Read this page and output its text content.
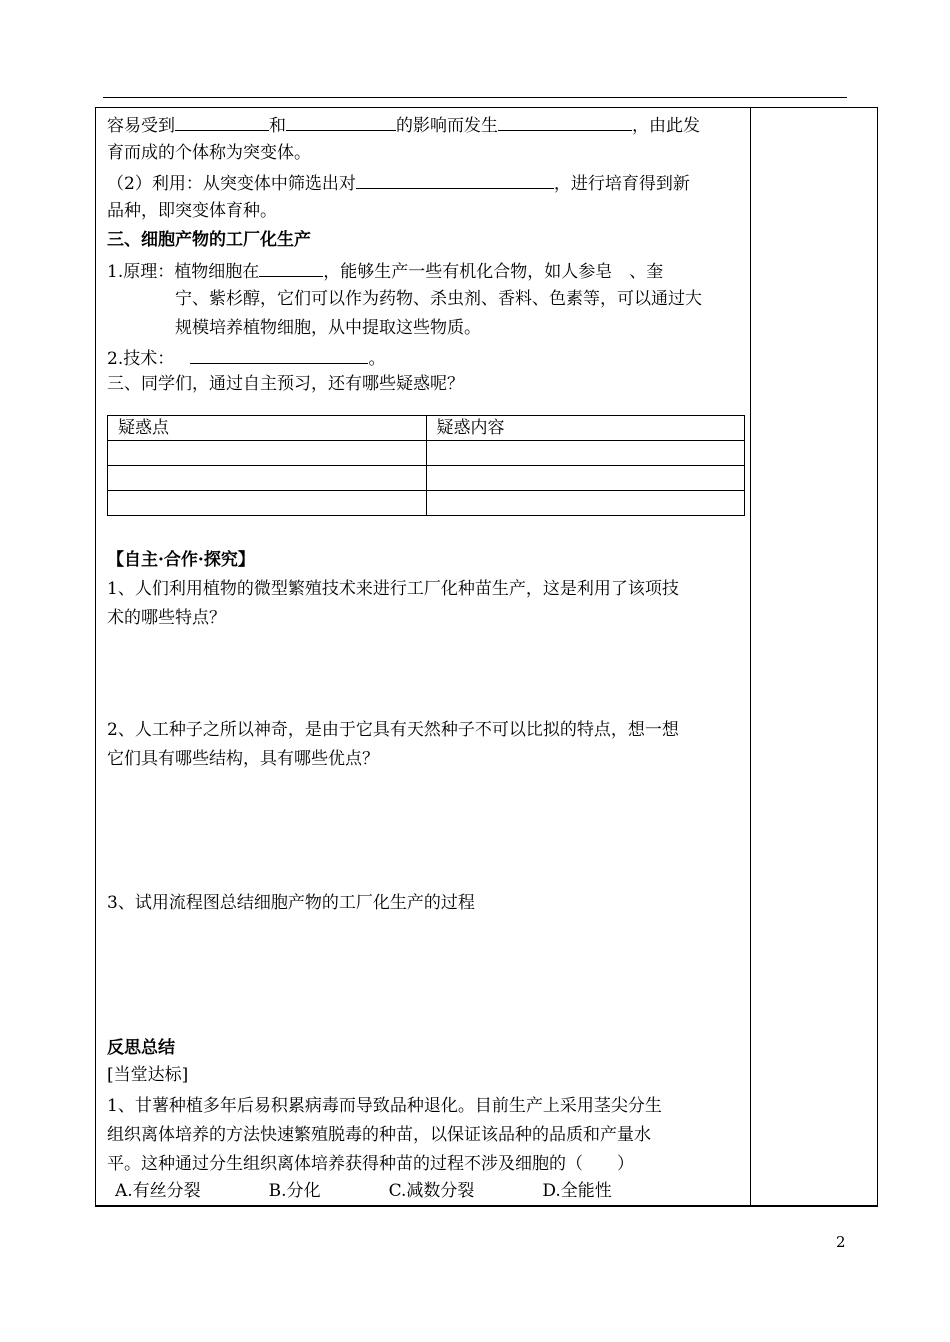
容易受到	和	的影响而发生	，由此发
育而成的个体称为突变体。
（2）利用：从突变体中筛选出对	，进行培育得到新
品种，即突变体育种。
三、细胞产物的工厂化生产
1.原理：植物细胞在	，能够生产一些有机化合物，如人参皂　、奎
宁、紫杉醇，它们可以作为药物、杀虫剂、香料、色素等，可以通过大
规模培养植物细胞，从中提取这些物质。
2.技术：	。
三、同学们，通过自主预习，还有哪些疑惑呢？
疑惑点	疑惑内容

【自主·合作·探究】
1、人们利用植物的微型繁殖技术来进行工厂化种苗生产，这是利用了该项技
术的哪些特点？
2、人工种子之所以神奇，是由于它具有天然种子不可以比拟的特点，想一想
它们具有哪些结构，具有哪些优点？
3、试用流程图总结细胞产物的工厂化生产的过程
反思总结
[当堂达标]
1、甘薯种植多年后易积累病毒而导致品种退化。目前生产上采用茎尖分生
组织离体培养的方法快速繁殖脱毒的种苗，以保证该品种的品质和产量水
平。这种通过分生组织离体培养获得种苗的过程不涉及细胞的（　　）
A.有丝分裂　　　　B.分化　　　　C.减数分裂　　　　D.全能性
2
